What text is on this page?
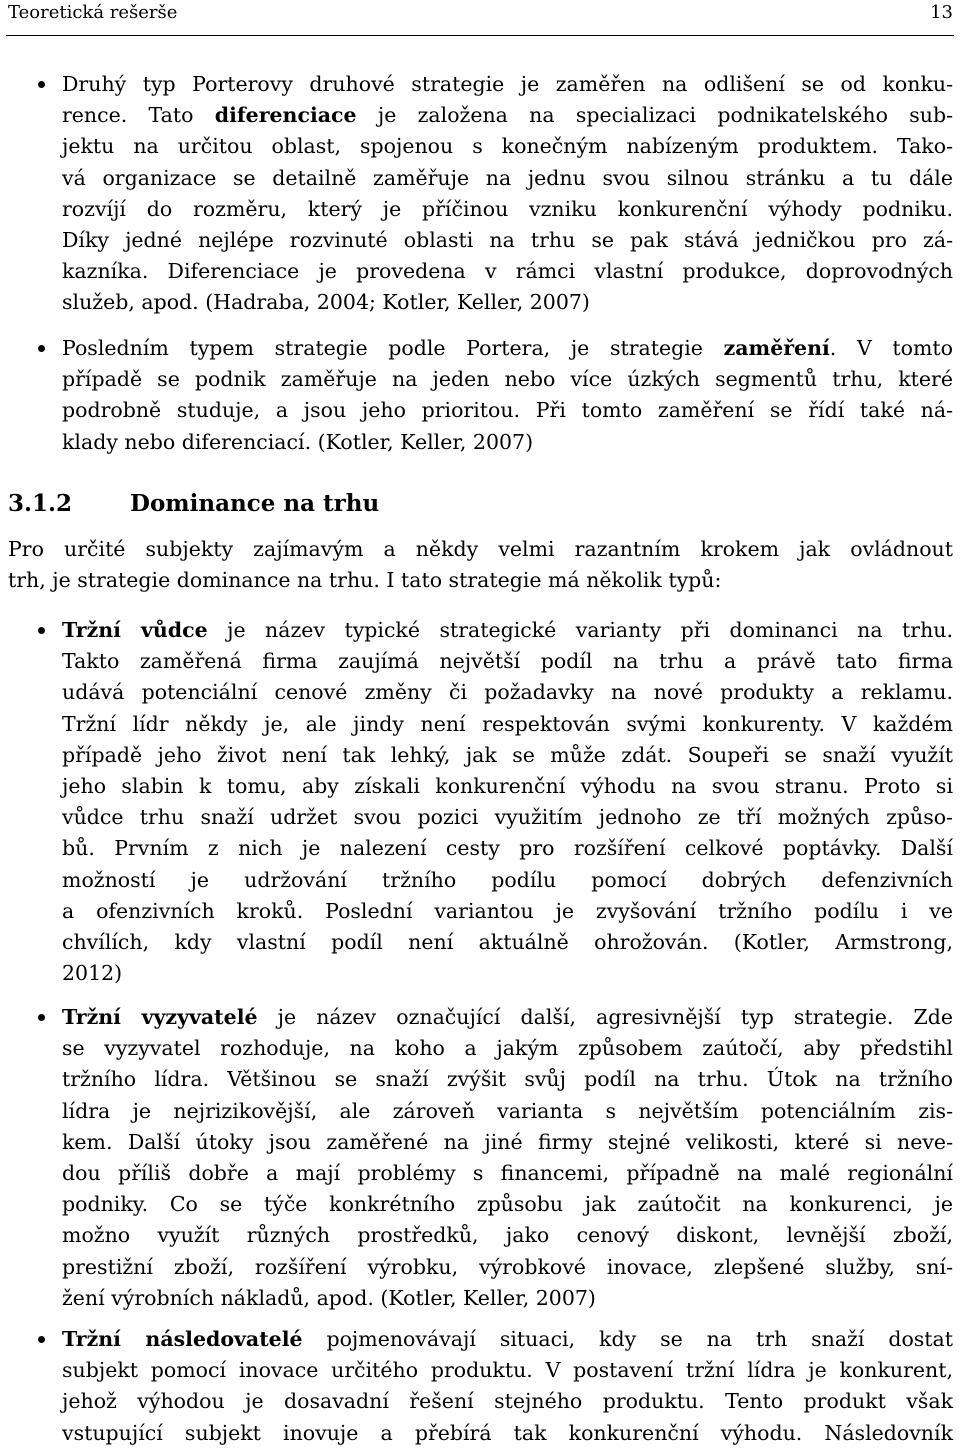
Teoretická rešerše	13
Druhý typ Porterovy druhové strategie je zaměřen na odlišení se od konku-
rence. Tato diferenciace je založena na specializaci podnikatelského sub-
jektu na určitou oblast, spojenou s konečným nabízeným produktem. Tako-
vá organizace se detailně zaměřuje na jednu svou silnou stránku a tu dále
rozvíjí do rozměru, který je příčinou vzniku konkurenční výhody podniku.
Díky jedné nejlépe rozvinuté oblasti na trhu se pak stává jedničkou pro zá-
kazníka. Diferenciace je provedena v rámci vlastní produkce, doprovodných
služeb, apod. (Hadraba, 2004; Kotler, Keller, 2007)
Posledním typem strategie podle Portera, je strategie zaměření. V tomto
případě se podnik zaměřuje na jeden nebo více úzkých segmentů trhu, které
podrobně studuje, a jsou jeho prioritou. Při tomto zaměření se řídí také ná-
klady nebo diferenciací. (Kotler, Keller, 2007)
3.1.2	Dominance na trhu
Pro určité subjekty zajímavým a někdy velmi razantním krokem jak ovládnout
trh, je strategie dominance na trhu. I tato strategie má několik typů:
Tržní vůdce je název typické strategické varianty při dominanci na trhu.
Takto zaměřená firma zaujímá největší podíl na trhu a právě tato firma
udává potenciální cenové změny či požadavky na nové produkty a reklamu.
Tržní lídr někdy je, ale jindy není respektován svými konkurenty. V každém
případě jeho život není tak lehký, jak se může zdát. Soupeři se snaží využít
jeho slabin k tomu, aby získali konkurenční výhodu na svou stranu. Proto si
vůdce trhu snaží udržet svou pozici využitím jednoho ze tří možných způso-
bů. Prvním z nich je nalezení cesty pro rozšíření celkové poptávky. Další
možností je udržování tržního podílu pomocí dobrých defenzivních
a ofenzivních kroků. Poslední variantou je zvyšování tržního podílu i ve
chvílích, kdy vlastní podíl není aktuálně ohrožován. (Kotler, Armstrong,
2012)
Tržní vyzyvatelé je název označující další, agresivnější typ strategie. Zde
se vyzyvatel rozhoduje, na koho a jakým způsobem zaútočí, aby předstihl
tržního lídra. Většinou se snaží zvýšit svůj podíl na trhu. Útok na tržního
lídra je nejrizikovější, ale zároveň varianta s největším potenciálním zis-
kem. Další útoky jsou zaměřené na jiné firmy stejné velikosti, které si neve-
dou příliš dobře a mají problémy s financemi, případně na malé regionální
podniky. Co se týče konkrétního způsobu jak zaútočit na konkurenci, je
možno využít různých prostředků, jako cenový diskont, levnější zboží,
prestižní zboží, rozšíření výrobku, výrobkové inovace, zlepšené služby, sní-
žení výrobních nákladů, apod. (Kotler, Keller, 2007)
Tržní následovatelé pojmenovávají situaci, kdy se na trh snaží dostat
subjekt pomocí inovace určitého produktu. V postavení tržní lídra je konkurent,
jehož výhodou je dosavadní řešení stejného produktu. Tento produkt však
vstupující subjekt inovuje a přebírá tak konkurenční výhodu. Následovník
